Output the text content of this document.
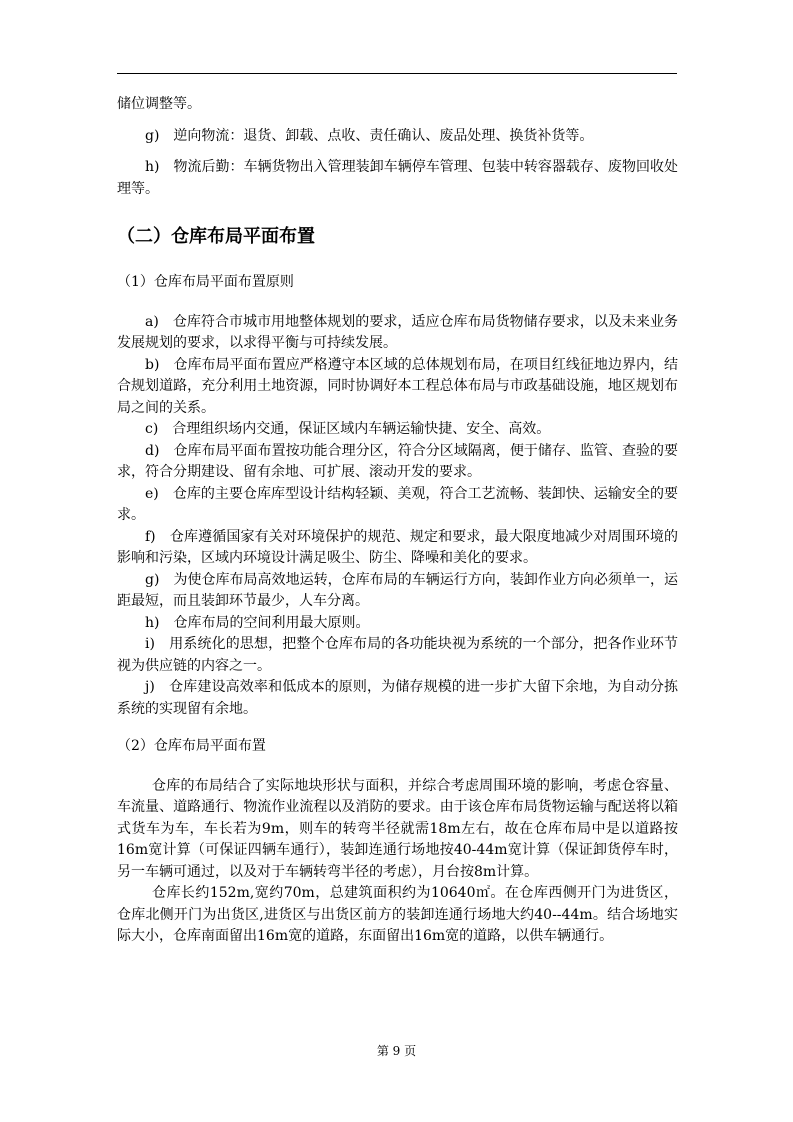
储位调整等。

g)　逆向物流：退货、卸载、点收、责任确认、废品处理、换货补货等。

h)　物流后勤：车辆货物出入管理装卸车辆停车管理、包装中转容器载存、废物回收处理等。

（二）仓库布局平面布置

（1）仓库布局平面布置原则

a)　仓库符合市城市用地整体规划的要求，适应仓库布局货物储存要求，以及未来业务发展规划的要求，以求得平衡与可持续发展。

b)　仓库布局平面布置应严格遵守本区域的总体规划布局，在项目红线征地边界内，结合规划道路，充分利用土地资源，同时协调好本工程总体布局与市政基础设施，地区规划布局之间的关系。

c)　合理组织场内交通，保证区域内车辆运输快捷、安全、高效。

d)　仓库布局平面布置按功能合理分区，符合分区域隔离，便于储存、监管、查验的要求，符合分期建设、留有余地、可扩展、滚动开发的要求。

e)　仓库的主要仓库库型设计结构轻颖、美观，符合工艺流畅、装卸快、运输安全的要求。

f)　仓库遵循国家有关对环境保护的规范、规定和要求，最大限度地减少对周围环境的影响和污染，区域内环境设计满足吸尘、防尘、降噪和美化的要求。

g)　为使仓库布局高效地运转，仓库布局的车辆运行方向，装卸作业方向必须单一，运距最短，而且装卸环节最少，人车分离。

h)　仓库布局的空间利用最大原则。

i)　用系统化的思想，把整个仓库布局的各功能块视为系统的一个部分，把各作业环节视为供应链的内容之一。

j)　仓库建设高效率和低成本的原则，为储存规模的进一步扩大留下余地，为自动分拣系统的实现留有余地。

（2）仓库布局平面布置

仓库的布局结合了实际地块形状与面积，并综合考虑周围环境的影响，考虑仓容量、车流量、道路通行、物流作业流程以及消防的要求。由于该仓库布局货物运输与配送将以箱式货车为车，车长若为9m，则车的转弯半径就需18m左右，故在仓库布局中是以道路按16m宽计算（可保证四辆车通行），装卸连通行场地按40-44m宽计算（保证卸货停车时，另一车辆可通过，以及对于车辆转弯半径的考虑），月台按8m计算。

仓库长约152m,宽约70m，总建筑面积约为10640㎡。在仓库西侧开门为进货区，仓库北侧开门为出货区,进货区与出货区前方的装卸连通行场地大约40--44m。结合场地实际大小，仓库南面留出16m宽的道路，东面留出16m宽的道路，以供车辆通行。

第 9 页
